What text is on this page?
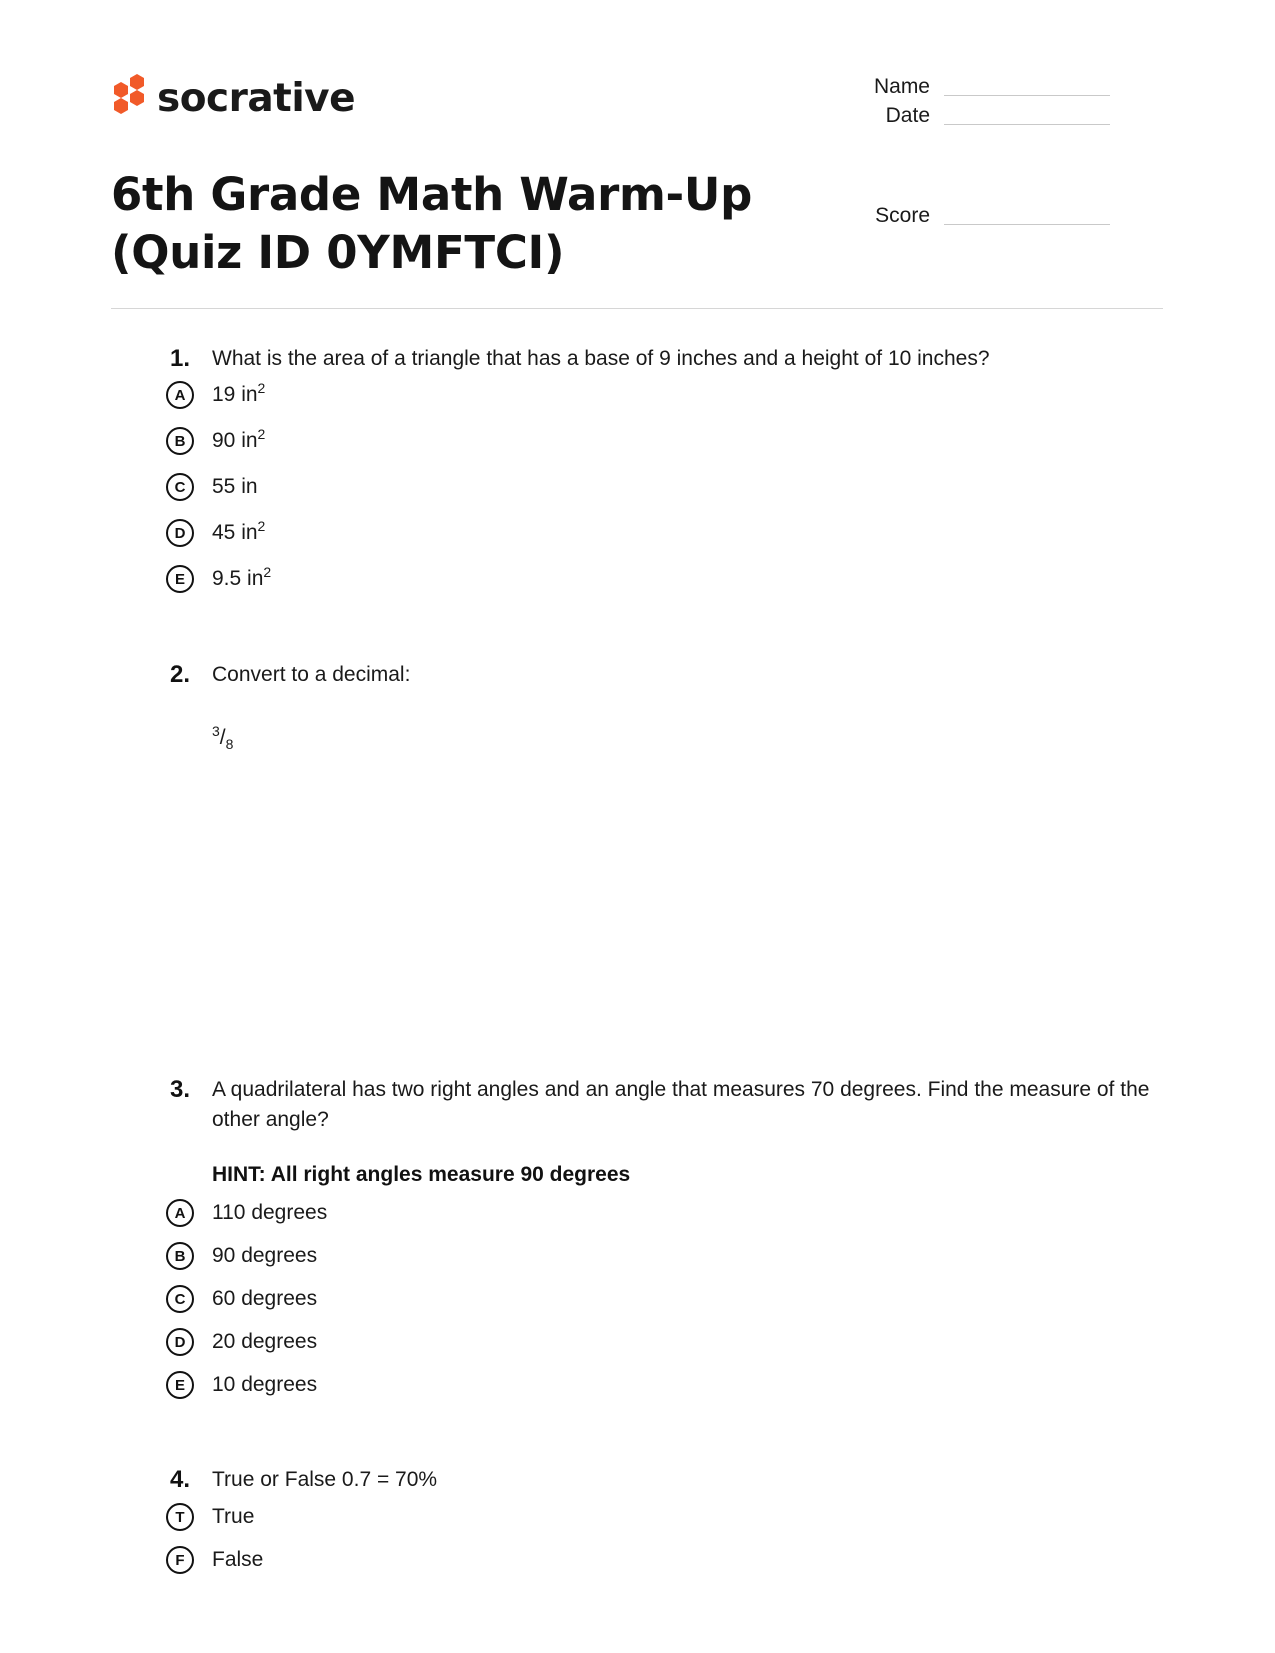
socrative	Name
Date
Score
6th Grade Math Warm-Up (Quiz ID 0YMFTCI)
1.	What is the area of a triangle that has a base of 9 inches and a height of 10 inches?
A	19 $in^2$
B	90 $in^2$
C	55 in
D	45 $in^2$
E	9.5 $in^2$
2.	Convert to a decimal:
$^3/_8$
3.	A quadrilateral has two right angles and an angle that measures 70 degrees. Find the measure of the other angle?
HINT: All right angles measure 90 degrees
A	110 degrees
B	90 degrees
C	60 degrees
D	20 degrees
E	10 degrees
4.	True or False 0.7 = 70%
T	True
F	False
